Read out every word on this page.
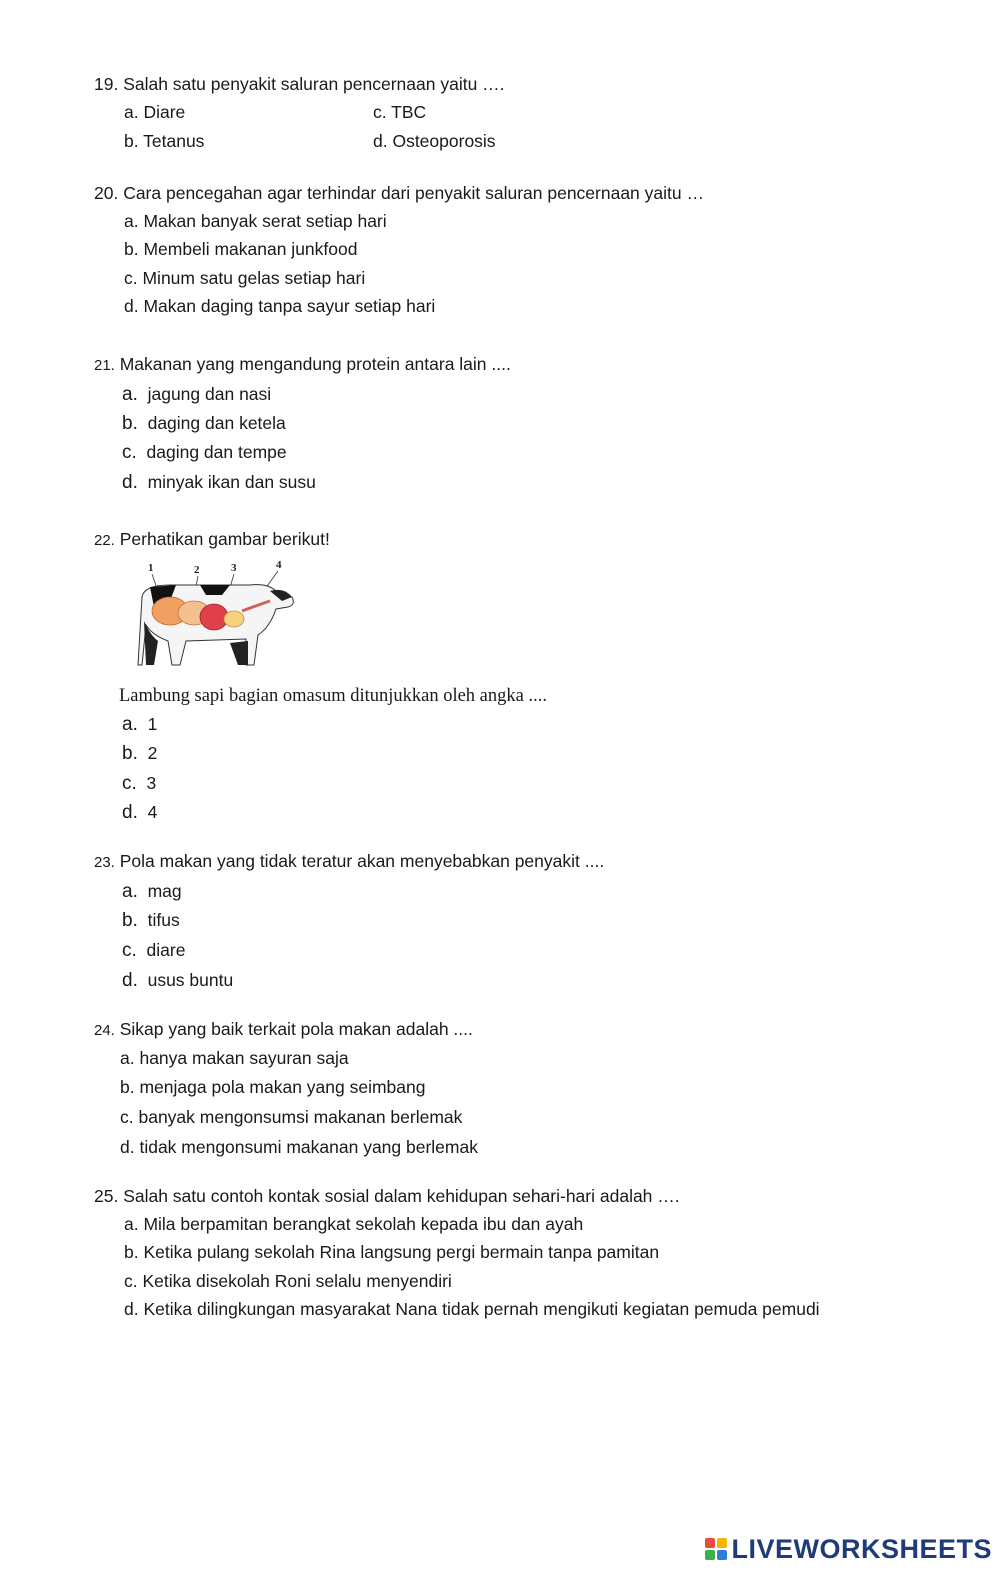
19. Salah satu penyakit saluran pencernaan yaitu ….
a. Diare	c. TBC
b. Tetanus	d. Osteoporosis
20. Cara pencegahan agar terhindar dari penyakit saluran pencernaan yaitu …
a. Makan banyak serat setiap hari
b. Membeli makanan junkfood
c. Minum satu gelas setiap hari
d. Makan daging tanpa sayur setiap hari
21. Makanan yang mengandung protein antara lain ....
a. jagung dan nasi
b. daging dan ketela
c. daging dan tempe
d. minyak ikan dan susu
22. Perhatikan gambar berikut!
1	2	3	4
Lambung sapi bagian omasum ditunjukkan oleh angka ....
a. 1
b. 2
c. 3
d. 4
23. Pola makan yang tidak teratur akan menyebabkan penyakit ....
a. mag
b. tifus
c. diare
d. usus buntu
24. Sikap yang baik terkait pola makan adalah ....
a. hanya makan sayuran saja
b. menjaga pola makan yang seimbang
c. banyak mengonsumsi makanan berlemak
d. tidak mengonsumi makanan yang berlemak
25. Salah satu contoh kontak sosial dalam kehidupan sehari-hari adalah ….
a. Mila berpamitan berangkat sekolah kepada ibu dan ayah
b. Ketika pulang sekolah Rina langsung pergi bermain tanpa pamitan
c. Ketika disekolah Roni selalu menyendiri
d. Ketika dilingkungan masyarakat Nana tidak pernah mengikuti kegiatan pemuda pemudi
LIVEWORKSHEETS
